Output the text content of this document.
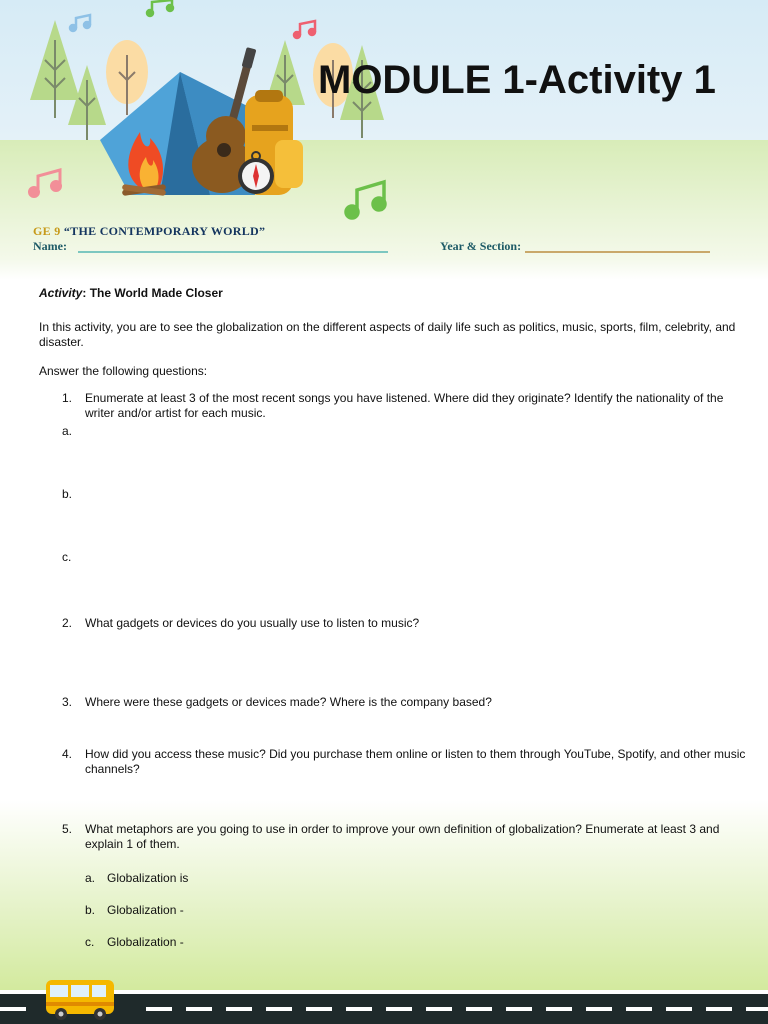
MODULE 1-Activity 1
GE 9 “THE CONTEMPORARY WORLD”
Name:	Year & Section:
Activity: The World Made Closer
In this activity, you are to see the globalization on the different aspects of daily life such as politics, music, sports, film, celebrity, and disaster.
Answer the following questions:
1. Enumerate at least 3 of the most recent songs you have listened. Where did they originate? Identify the nationality of the writer and/or artist for each music.
a.
b.
c.
2. What gadgets or devices do you usually use to listen to music?
3. Where were these gadgets or devices made? Where is the company based?
4. How did you access these music? Did you purchase them online or listen to them through YouTube, Spotify, and other music channels?
5. What metaphors are you going to use in order to improve your own definition of globalization? Enumerate at least 3 and explain 1 of them.
a. Globalization is
b. Globalization -
c. Globalization -
